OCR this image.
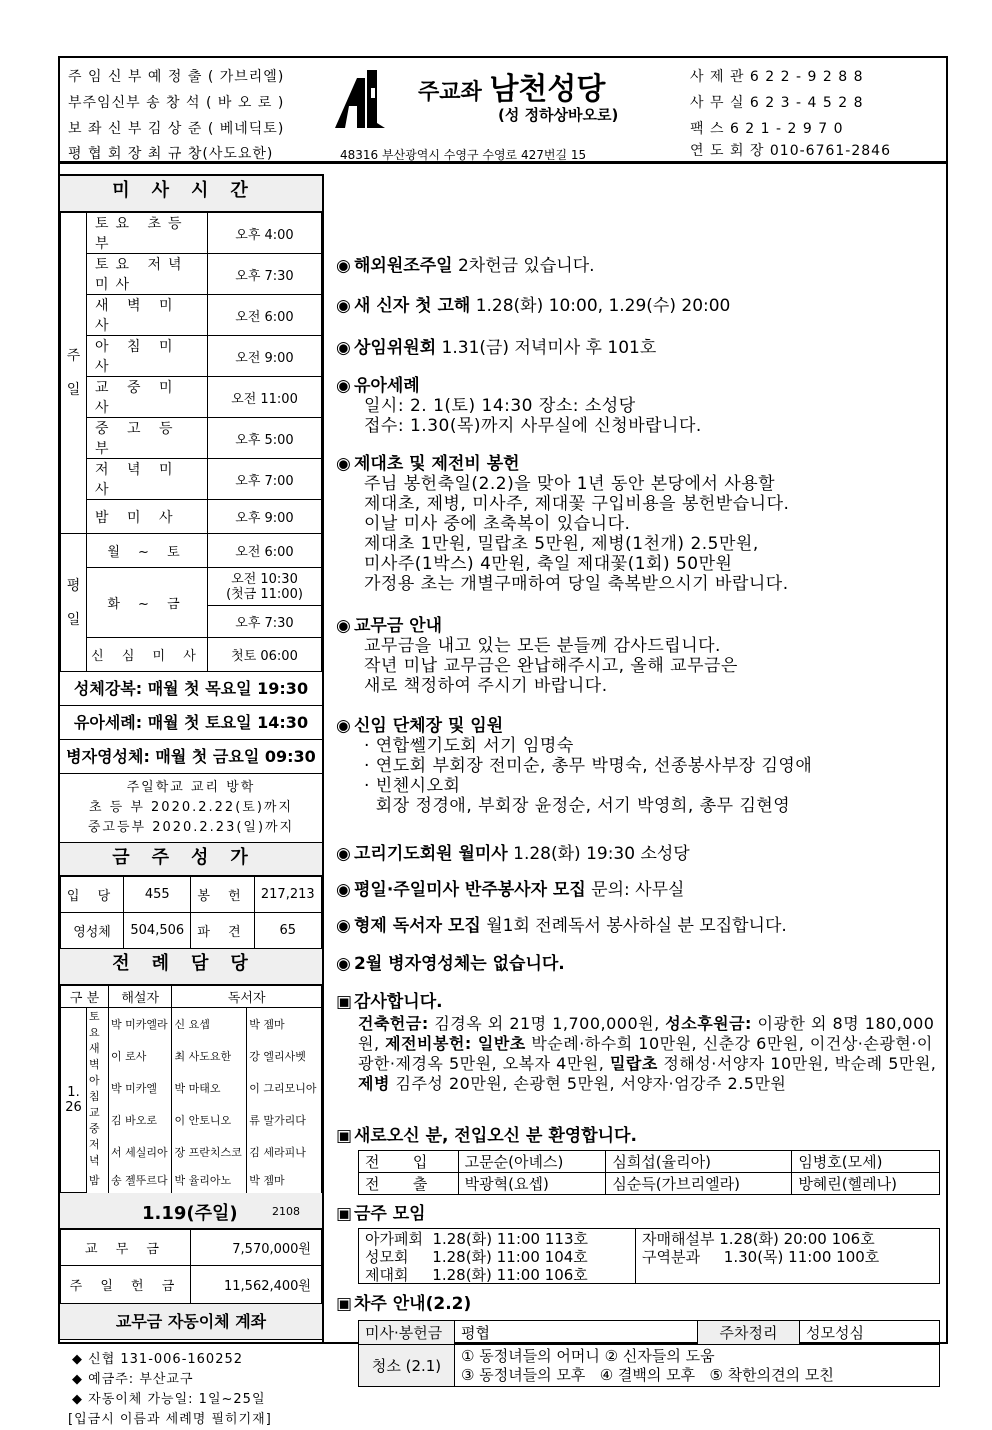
주 임 신 부 예 정 출 ( 가브리엘)
부주임신부 송 창 석 ( 바 오 로 )
보 좌 신 부 김 상 준 ( 베네딕토)
평 협 회 장 최 규 창(사도요한)
주교좌 남천성당
(성 정하상바오로)
48316 부산광역시 수영구 수영로 427번길 15
사 제 관 6 2 2 - 9 2 8 8
사 무 실 6 2 3 - 4 5 2 8
팩 스 6 2 1 - 2 9 7 0
연 도 회 장 010-6761-2846
미사시간
주일	토요 초등부	오후 4:00
	토요 저녁미사	오후 7:30
	새 벽 미 사	오전 6:00
	아 침 미 사	오전 9:00
	교 중 미 사	오전 11:00
	중 고 등 부	오후 5:00
	저 녁 미 사	오후 7:00
	밤 미 사	오후 9:00
평일	월 ~ 토	오전 6:00
	화 ~ 금	오전 10:30
(첫금 11:00)
		오후 7:30
	신 심 미 사	첫토 06:00
성체강복: 매월 첫 목요일 19:30
유아세례: 매월 첫 토요일 14:30
병자영성체: 매월 첫 금요일 09:30
주일학교 교리 방학
초 등 부 2020.2.22(토)까지
중고등부 2020.2.23(일)까지
금주성가
입 당	455	봉 헌	217,213
영성체	504,506	파 견	65
전례담당
구 분		해설자	독서자	
1.
26	토요	박 미카엘라	신 요셉	박 젬마
	새벽	이 로사	최 사도요한	강 엘리사벳
	아침	박 미카엘	박 마태오	이 그리모니아
	교중	김 바오로	이 안토니오	류 말가리다
	저녁	서 세실리아	장 프란치스코	김 세라피나
	밤	송 젤뚜르다	박 율리아노	박 젬마
1.19(주일)	2108
교 무 금	7,570,000원
주 일 헌 금	11,562,400원
교무금 자동이체 계좌
◆ 신협 131-006-160252
◆ 예금주: 부산교구
◆ 자동이체 가능일: 1일~25일
[입금시 이름과 세례명 필히기재]
◉ 해외원조주일 2차헌금 있습니다.
◉ 새 신자 첫 고해 1.28(화) 10:00, 1.29(수) 20:00
◉ 상임위원회 1.31(금) 저녁미사 후 101호
◉ 유아세례
일시: 2. 1(토) 14:30 장소: 소성당
접수: 1.30(목)까지 사무실에 신청바랍니다.
◉ 제대초 및 제전비 봉헌
주님 봉헌축일(2.2)을 맞아 1년 동안 본당에서 사용할
제대초, 제병, 미사주, 제대꽃 구입비용을 봉헌받습니다.
이날 미사 중에 초축복이 있습니다.
제대초 1만원, 밀랍초 5만원, 제병(1천개) 2.5만원,
미사주(1박스) 4만원, 축일 제대꽃(1회) 50만원
가정용 초는 개별구매하여 당일 축복받으시기 바랍니다.
◉ 교무금 안내
교무금을 내고 있는 모든 분들께 감사드립니다.
작년 미납 교무금은 완납해주시고, 올해 교무금은
새로 책정하여 주시기 바랍니다.
◉ 신임 단체장 및 임원
· 연합쎌기도회 서기 임명숙
· 연도회 부회장 전미순, 총무 박명숙, 선종봉사부장 김영애
· 빈첸시오회
회장 정경애, 부회장 윤정순, 서기 박영희, 총무 김현영
◉ 고리기도회원 월미사 1.28(화) 19:30 소성당
◉ 평일·주일미사 반주봉사자 모집 문의: 사무실
◉ 형제 독서자 모집 월1회 전례독서 봉사하실 분 모집합니다.
◉ 2월 병자영성체는 없습니다.
▣ 감사합니다.
건축헌금: 김경옥 외 21명 1,700,000원, 성소후원금: 이광한 외 8명 180,000원, 제전비봉헌: 일반초 박순례·하수희 10만원, 신춘강 6만원, 이건상·손광현·이광한·제경옥 5만원, 오복자 4만원, 밀랍초 정해성·서양자 10만원, 박순례 5만원, 제병 김주성 20만원, 손광현 5만원, 서양자·엄강주 2.5만원
▣ 새로오신 분, 전입오신 분 환영합니다.
전       입	고문순(아녜스)	심희섭(율리아)	임병호(모세)
전       출	박광혁(요셉)	심순득(가브리엘라)	방혜린(헬레나)
▣ 금주 모임
아가페회  1.28(화) 11:00 113호
성모회     1.28(화) 11:00 104호
제대회     1.28(화) 11:00 106호
자매해설부 1.28(화) 20:00 106호
구역분과     1.30(목) 11:00 100호
▣ 차주 안내(2.2)
미사·봉헌금	평협	주차정리	성모성심
청소 (2.1)	① 동정녀들의 어머니 ② 신자들의 도움
③ 동정녀들의 모후   ④ 결백의 모후   ⑤ 착한의견의 모친		
